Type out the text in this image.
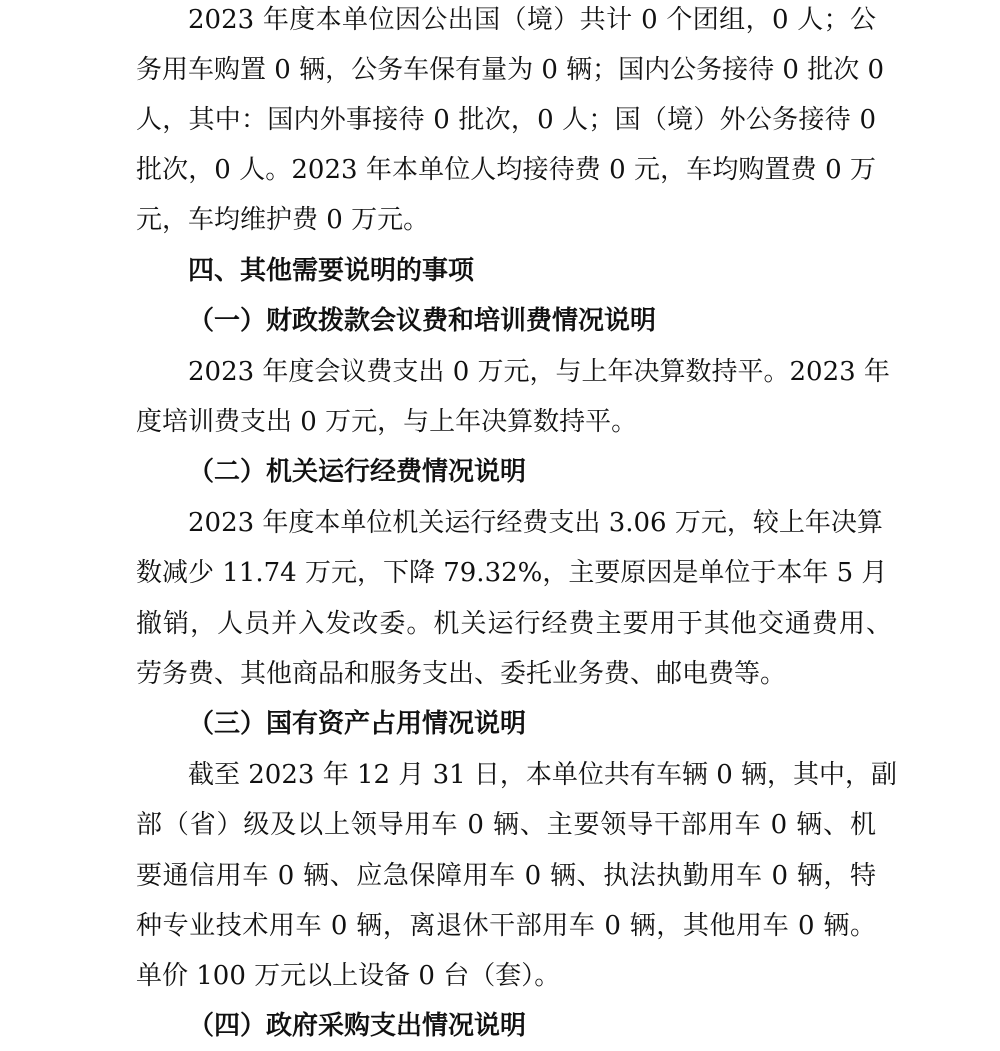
2023 年度本单位因公出国（境）共计 0 个团组，0 人；公
务用车购置 0 辆，公务车保有量为 0 辆；国内公务接待 0 批次 0
人，其中：国内外事接待 0 批次，0 人；国（境）外公务接待 0
批次，0 人。2023 年本单位人均接待费 0 元，车均购置费 0 万
元，车均维护费 0 万元。
四、其他需要说明的事项
（一）财政拨款会议费和培训费情况说明
2023 年度会议费支出 0 万元，与上年决算数持平。2023 年
度培训费支出 0 万元，与上年决算数持平。
（二）机关运行经费情况说明
2023 年度本单位机关运行经费支出 3.06 万元，较上年决算
数减少 11.74 万元，下降 79.32%，主要原因是单位于本年 5 月
撤销，人员并入发改委。机关运行经费主要用于其他交通费用、
劳务费、其他商品和服务支出、委托业务费、邮电费等。
（三）国有资产占用情况说明
截至 2023 年 12 月 31 日，本单位共有车辆 0 辆，其中，副
部（省）级及以上领导用车 0 辆、主要领导干部用车 0 辆、机
要通信用车 0 辆、应急保障用车 0 辆、执法执勤用车 0 辆，特
种专业技术用车 0 辆，离退休干部用车 0 辆，其他用车 0 辆。
单价 100 万元以上设备 0 台（套）。
（四）政府采购支出情况说明
